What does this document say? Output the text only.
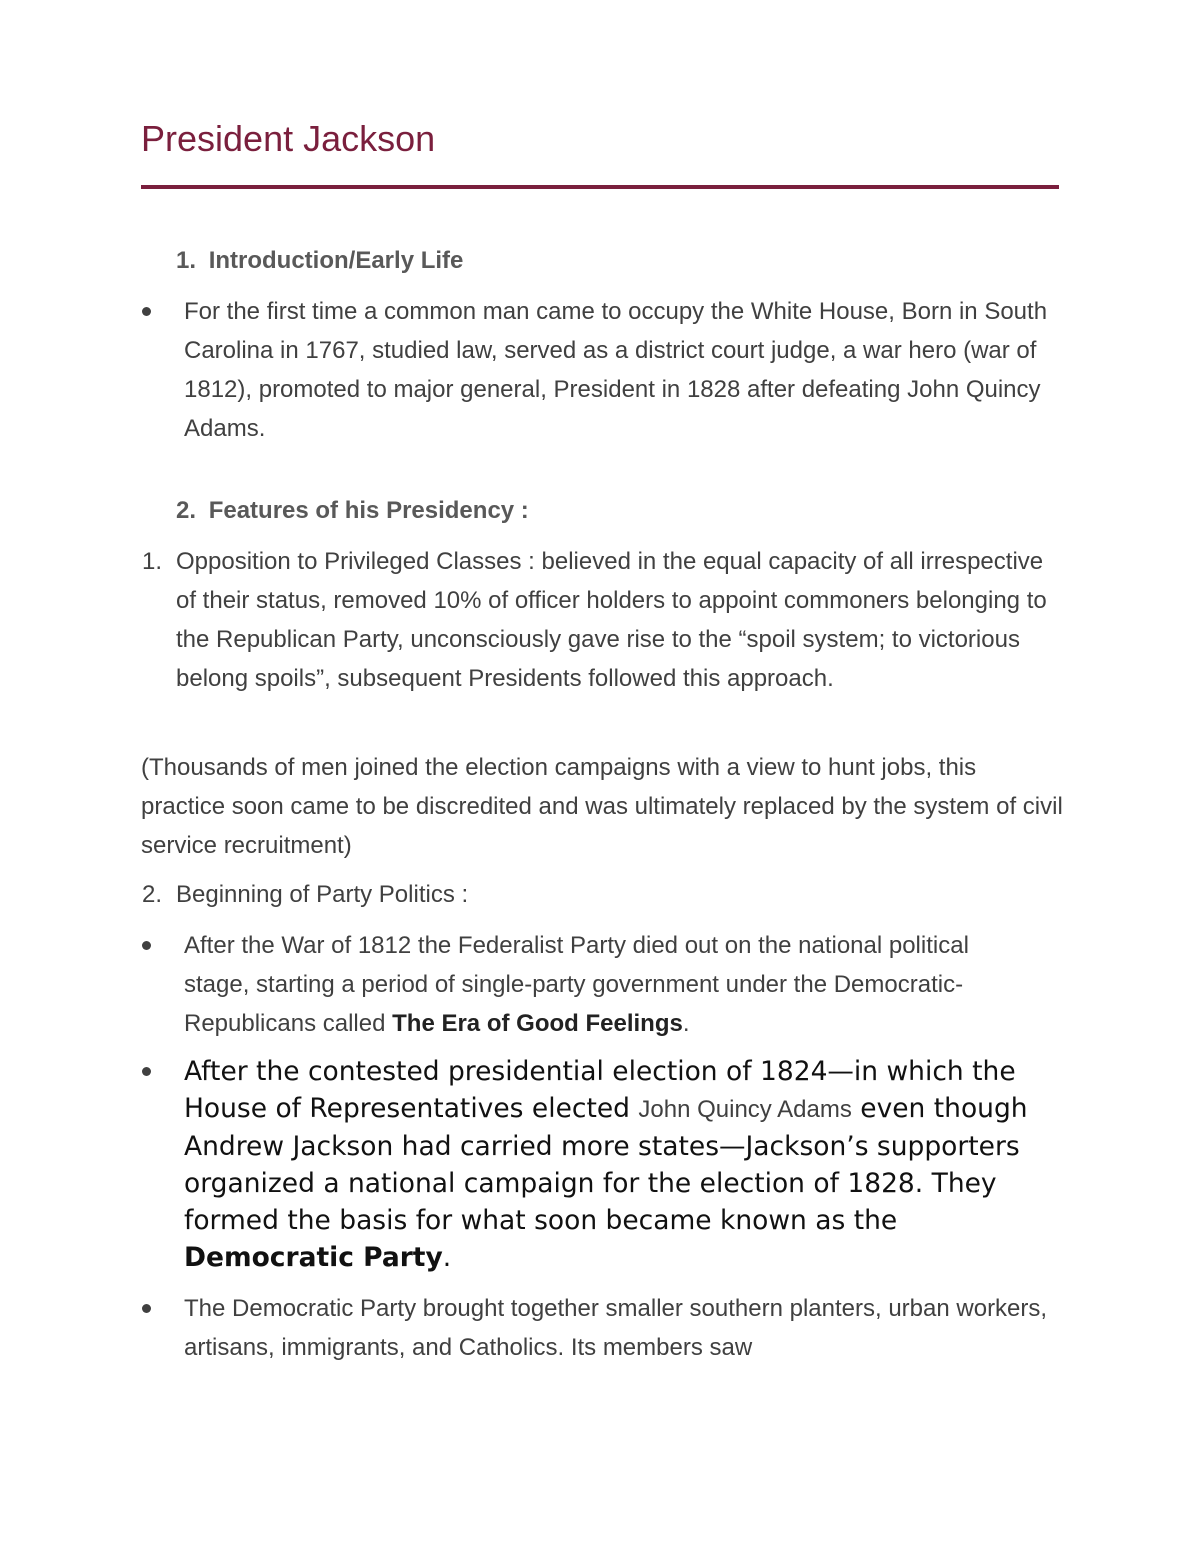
President Jackson
1. Introduction/Early Life
For the first time a common man came to occupy the White House, Born in South Carolina in 1767, studied law, served as a district court judge, a war hero (war of 1812), promoted to major general, President in 1828 after defeating John Quincy Adams.
2. Features of his Presidency :
1. Opposition to Privileged Classes : believed in the equal capacity of all irrespective of their status, removed 10% of officer holders to appoint commoners belonging to the Republican Party, unconsciously gave rise to the “spoil system; to victorious belong spoils”, subsequent Presidents followed this approach.
(Thousands of men joined the election campaigns with a view to hunt jobs, this practice soon came to be discredited and was ultimately replaced by the system of civil service recruitment)
2. Beginning of Party Politics :
After the War of 1812 the Federalist Party died out on the national political stage, starting a period of single-party government under the Democratic-Republicans called The Era of Good Feelings.
After the contested presidential election of 1824—in which the House of Representatives elected John Quincy Adams even though Andrew Jackson had carried more states—Jackson’s supporters organized a national campaign for the election of 1828. They formed the basis for what soon became known as the Democratic Party.
The Democratic Party brought together smaller southern planters, urban workers, artisans, immigrants, and Catholics. Its members saw
